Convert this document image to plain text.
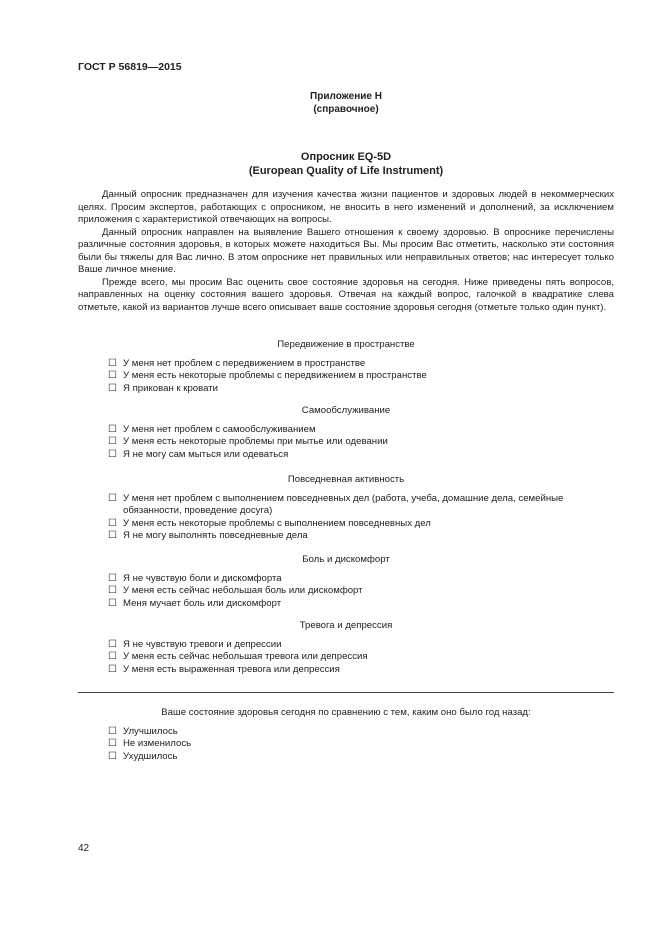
ГОСТ Р 56819—2015
Приложение Н
(справочное)
Опросник EQ-5D
(European Quality of Life Instrument)

Данный опросник предназначен для изучения качества жизни пациентов и здоровых людей в некоммерческих целях. Просим экспертов, работающих с опросником, не вносить в него изменений и дополнений, за исключением приложения с характеристикой отвечающих на вопросы.

Данный опросник направлен на выявление Вашего отношения к своему здоровью. В опроснике перечислены различные состояния здоровья, в которых можете находиться Вы. Мы просим Вас отметить, насколько эти состояния были бы тяжелы для Вас лично. В этом опроснике нет правильных или неправильных ответов; нас интересует только Ваше личное мнение.

Прежде всего, мы просим Вас оценить свое состояние здоровья на сегодня. Ниже приведены пять вопросов, направленных на оценку состояния вашего здоровья. Отвечая на каждый вопрос, галочкой в квадратике слева отметьте, какой из вариантов лучше всего описывает ваше состояние здоровья сегодня (отметьте только один пункт).

Передвижение в пространстве
☐ У меня нет проблем с передвижением в пространстве
☐ У меня есть некоторые проблемы с передвижением в пространстве
☐ Я прикован к кровати
Самообслуживание
☐ У меня нет проблем с самообслуживанием
☐ У меня есть некоторые проблемы при мытье или одевании
☐ Я не могу сам мыться или одеваться
Повседневная активность
☐ У меня нет проблем с выполнением повседневных дел (работа, учеба, домашние дела, семейные обязанности, проведение досуга)
☐ У меня есть некоторые проблемы с выполнением повседневных дел
☐ Я не могу выполнять повседневные дела
Боль и дискомфорт
☐ Я не чувствую боли и дискомфорта
☐ У меня есть сейчас небольшая боль или дискомфорт
☐ Меня мучает боль или дискомфорт
Тревога и депрессия
☐ Я не чувствую тревоги и депрессии
☐ У меня есть сейчас небольшая тревога или депрессия
☐ У меня есть выраженная тревога или депрессия
Ваше состояние здоровья сегодня по сравнению с тем, каким оно было год назад:
☐ Улучшилось
☐ Не изменилось
☐ Ухудшилось
42
